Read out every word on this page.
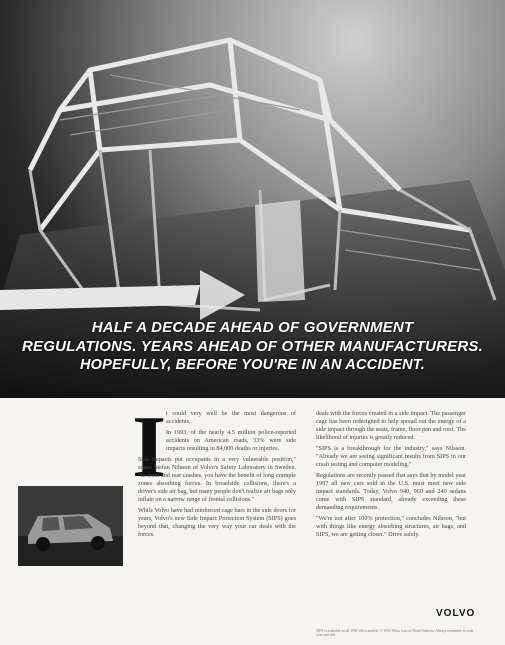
HALF A DECADE AHEAD OF GOVERNMENT
REGULATIONS. YEARS AHEAD OF OTHER MANUFACTURERS.
HOPEFULLY, BEFORE YOU'RE IN AN ACCIDENT.
I t could very well be the most dangerous of accidents.

In 1993, of the nearly 4.5 million police-reported accidents on American roads, 33% were side impacts resulting in 84,000 deaths or injuries.

Side impacts put occupants in a very vulnerable position," states Stefan Nilsson of Volvo's Safety Laboratory in Sweden. "In front and rear crashes, you have the benefit of long crumple zones absorbing forces. In broadside collisions, there's a driver's side air bag, but many people don't realize air bags only inflate on a narrow range of frontal collisions."

While Volvo have had reinforced cage bars in the side doors for years, Volvo's new Side Impact Protection System (SIPS) goes beyond that, changing the very way your car deals with the forces.

deals with the forces created in a side impact. The passenger cage has been redesigned to help spread out the energy of a side impact through the seats, frame, floor pan and roof. The likelihood of injuries is greatly reduced.

"SIPS is a breakthrough for the industry," says Nilsson. "Already we are seeing significant results from SIPS in our crash testing and computer modeling."

Regulations are recently passed that says that by model year 1997 all new cars sold in the U.S. must meet new side impact standards. Today, Volvo 940, 960 and 240 sedans come with SIPS standard, already exceeding these demanding requirements.

"We're not after 100% protection," concludes Nilsson, "but with things like energy absorbing structures, air bags, and SIPS, we are getting closer." Drive safely.

VOLVO
SIPS is available on all 1994 Volvo models. © 1993 Volvo Cars of North America. Always remember to wear your seat belt.
